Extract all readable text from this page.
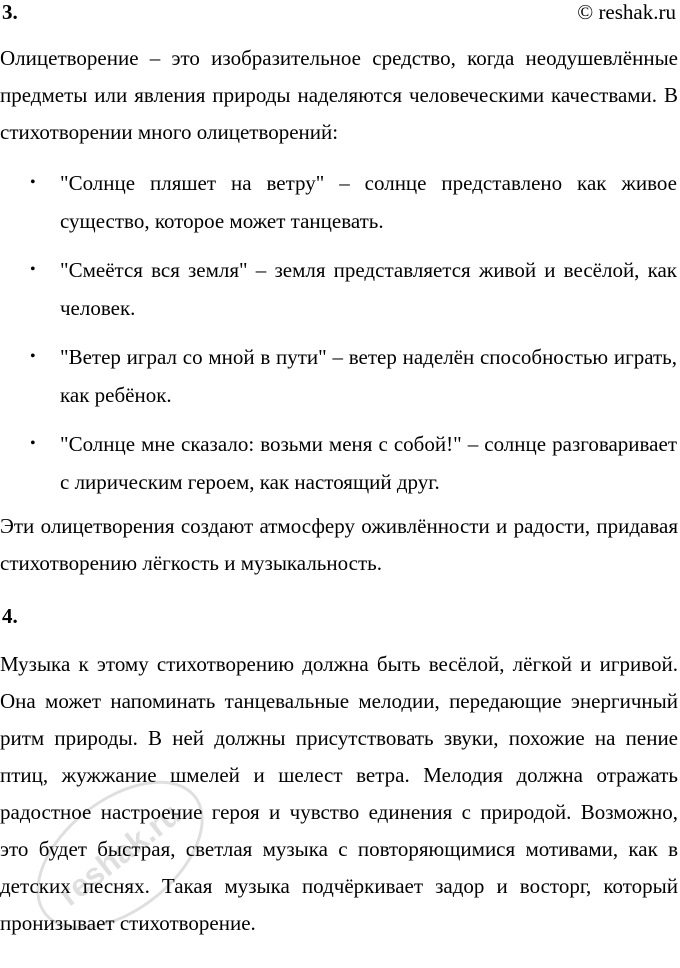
3.	© reshak.ru

Олицетворение – это изобразительное средство, когда неодушевлённые предметы или явления природы наделяются человеческими качествами. В стихотворении много олицетворений:

• "Солнце пляшет на ветру" – солнце представлено как живое существо, которое может танцевать.
• "Смеётся вся земля" – земля представляется живой и весёлой, как человек.
• "Ветер играл со мной в пути" – ветер наделён способностью играть, как ребёнок.
• "Солнце мне сказало: возьми меня с собой!" – солнце разговаривает с лирическим героем, как настоящий друг.

Эти олицетворения создают атмосферу оживлённости и радости, придавая стихотворению лёгкость и музыкальность.

4.

Музыка к этому стихотворению должна быть весёлой, лёгкой и игривой. Она может напоминать танцевальные мелодии, передающие энергичный ритм природы. В ней должны присутствовать звуки, похожие на пение птиц, жужжание шмелей и шелест ветра. Мелодия должна отражать радостное настроение героя и чувство единения с природой. Возможно, это будет быстрая, светлая музыка с повторяющимися мотивами, как в детских песнях. Такая музыка подчёркивает задор и восторг, который пронизывает стихотворение.

reshak.ru
